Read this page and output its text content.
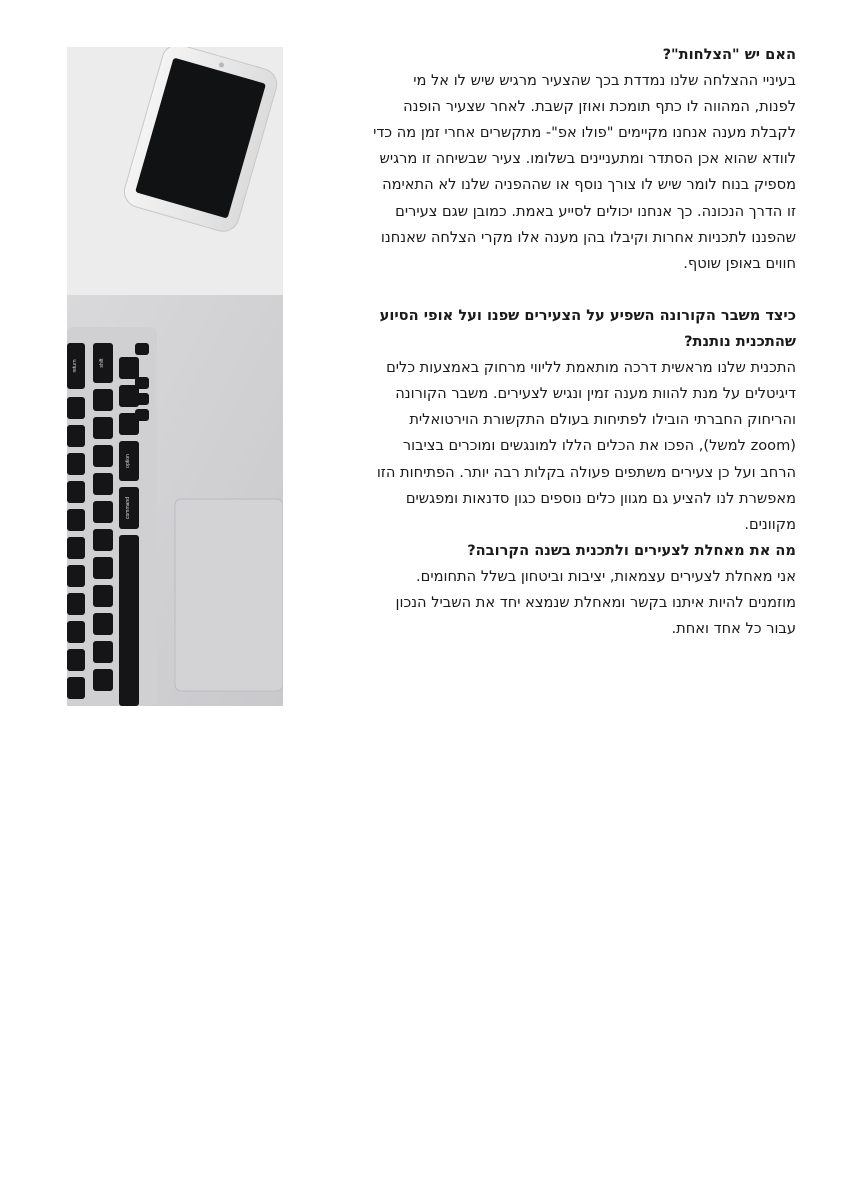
return	shift
option
command
האם יש "הצלחות"?
בעיניי ההצלחה שלנו נמדדת בכך שהצעיר מרגיש שיש לו אל מי
לפנות, המהווה לו כתף תומכת ואוזן קשבת. לאחר שצעיר הופנה
לקבלת מענה אנחנו מקיימים "פולו אפ"- מתקשרים אחרי זמן מה כדי
לוודא שהוא אכן הסתדר ומתעניינים בשלומו. צעיר שבשיחה זו מרגיש
מספיק בנוח לומר שיש לו צורך נוסף או שההפניה שלנו לא התאימה
זו הדרך הנכונה. כך אנחנו יכולים לסייע באמת. כמובן שגם צעירים
שהפננו לתכניות אחרות וקיבלו בהן מענה אלו מקרי הצלחה שאנחנו
חווים באופן שוטף.
כיצד משבר הקורונה השפיע על הצעירים שפנו ועל אופי הסיוע
שהתכנית נותנת?
התכנית שלנו מראשית דרכה מותאמת לליווי מרחוק באמצעות כלים
דיגיטלים על מנת להוות מענה זמין ונגיש לצעירים. משבר הקורונה
והריחוק החברתי הובילו לפתיחות בעולם התקשורת הוירטואלית
(zoom למשל), הפכו את הכלים הללו למונגשים ומוכרים בציבור
הרחב ועל כן צעירים משתפים פעולה בקלות רבה יותר. הפתיחות הזו
מאפשרת לנו להציע גם מגוון כלים נוספים כגון סדנאות ומפגשים
מקוונים.
מה את מאחלת לצעירים ולתכנית בשנה הקרובה?
אני מאחלת לצעירים עצמאות, יציבות וביטחון בשלל התחומים.
מוזמנים להיות איתנו בקשר ומאחלת שנמצא יחד את השביל הנכון
עבור כל אחד ואחת.
